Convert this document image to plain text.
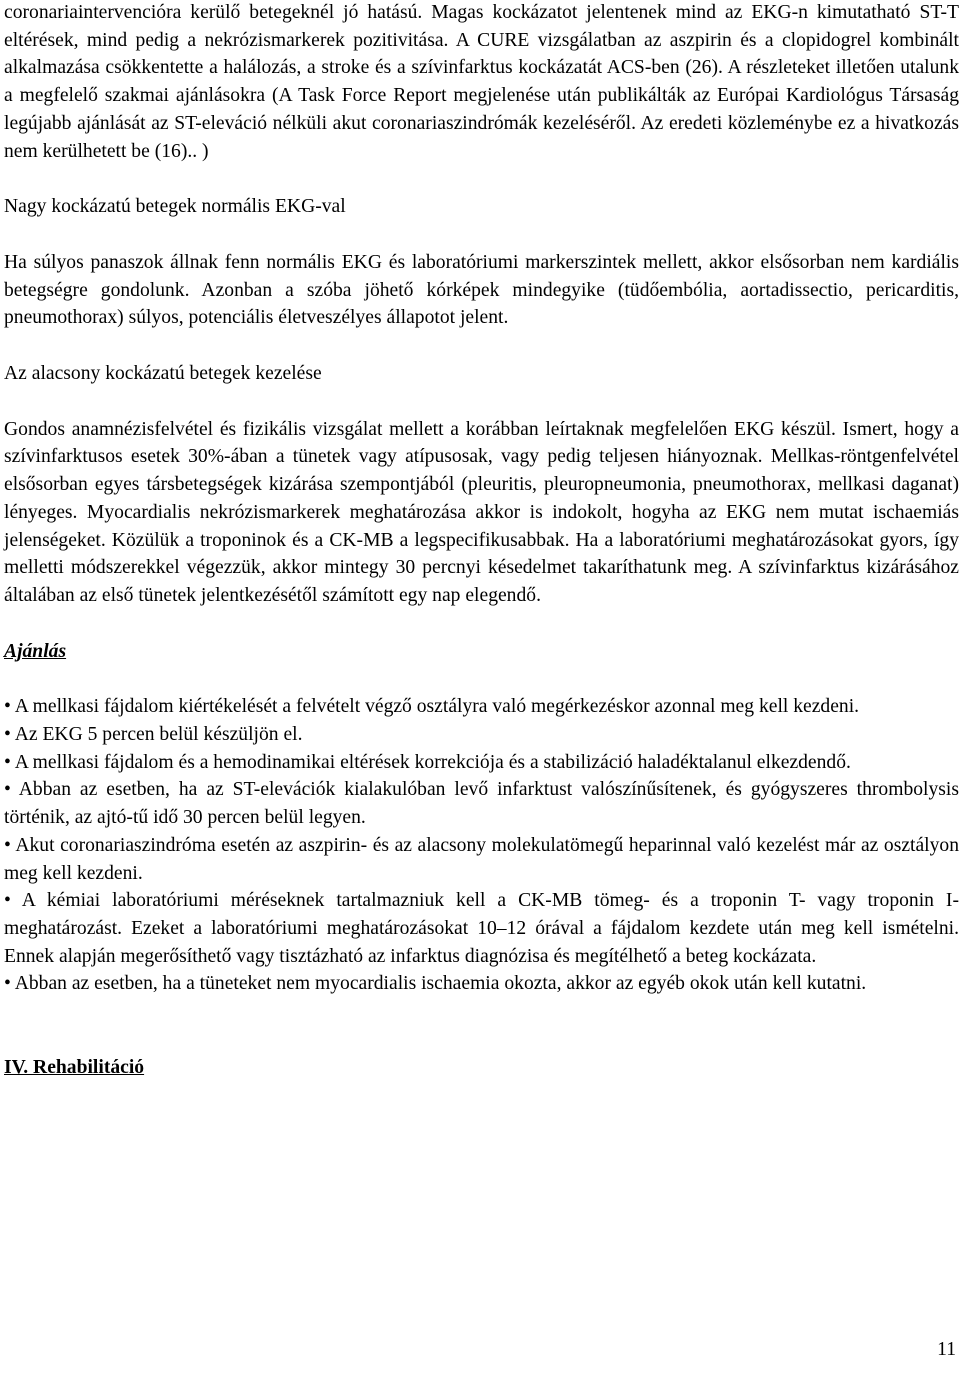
coronariaintervencióra kerülő betegeknél jó hatású. Magas kockázatot jelentenek mind az EKG-n kimutatható ST-T eltérések, mind pedig a nekrózismarkerek pozitivitása. A CURE vizsgálatban az aszpirin és a clopidogrel kombinált alkalmazása csökkentette a halálozás, a stroke és a szívinfarktus kockázatát ACS-ben (26). A részleteket illetően utalunk a megfelelő szakmai ajánlásokra (A Task Force Report megjelenése után publikálták az Európai Kardiológus Társaság legújabb ajánlását az ST-eleváció nélküli akut coronariaszindrómák kezeléséről. Az eredeti közleménybe ez a hivatkozás nem kerülhetett be (16).. )

Nagy kockázatú betegek normális EKG-val

Ha súlyos panaszok állnak fenn normális EKG és laboratóriumi markerszintek mellett, akkor elsősorban nem kardiális betegségre gondolunk. Azonban a szóba jöhető kórképek mindegyike (tüdőembólia, aortadissectio, pericarditis, pneumothorax) súlyos, potenciális életveszélyes állapotot jelent.

Az alacsony kockázatú betegek kezelése

Gondos anamnézisfelvétel és fizikális vizsgálat mellett a korábban leírtaknak megfelelően EKG készül. Ismert, hogy a szívinfarktusos esetek 30%-ában a tünetek vagy atípusosak, vagy pedig teljesen hiányoznak. Mellkas-röntgenfelvétel elsősorban egyes társbetegségek kizárása szempontjából (pleuritis, pleuropneumonia, pneumothorax, mellkasi daganat) lényeges. Myocardialis nekrózismarkerek meghatározása akkor is indokolt, hogyha az EKG nem mutat ischaemiás jelenségeket. Közülük a troponinok és a CK-MB a legspecifikusabbak. Ha a laboratóriumi meghatározásokat gyors, így melletti módszerekkel végezzük, akkor mintegy 30 percnyi késedelmet takaríthatunk meg. A szívinfarktus kizárásához általában az első tünetek jelentkezésétől számított egy nap elegendő.

Ajánlás

• A mellkasi fájdalom kiértékelését a felvételt végző osztályra való megérkezéskor azonnal meg kell kezdeni.
• Az EKG 5 percen belül készüljön el.
• A mellkasi fájdalom és a hemodinamikai eltérések korrekciója és a stabilizáció haladéktalanul elkezdendő.
• Abban az esetben, ha az ST-elevációk kialakulóban levő infarktust valószínűsítenek, és gyógyszeres thrombolysis történik, az ajtó-tű idő 30 percen belül legyen.
• Akut coronariaszindróma esetén az aszpirin- és az alacsony molekulatömegű heparinnal való kezelést már az osztályon meg kell kezdeni.
• A kémiai laboratóriumi méréseknek tartalmazniuk kell a CK-MB tömeg- és a troponin T- vagy troponin I-meghatározást. Ezeket a laboratóriumi meghatározásokat 10–12 órával a fájdalom kezdete után meg kell ismételni. Ennek alapján megerősíthető vagy tisztázható az infarktus diagnózisa és megítélhető a beteg kockázata.
• Abban az esetben, ha a tüneteket nem myocardialis ischaemia okozta, akkor az egyéb okok után kell kutatni.

IV. Rehabilitáció

11
